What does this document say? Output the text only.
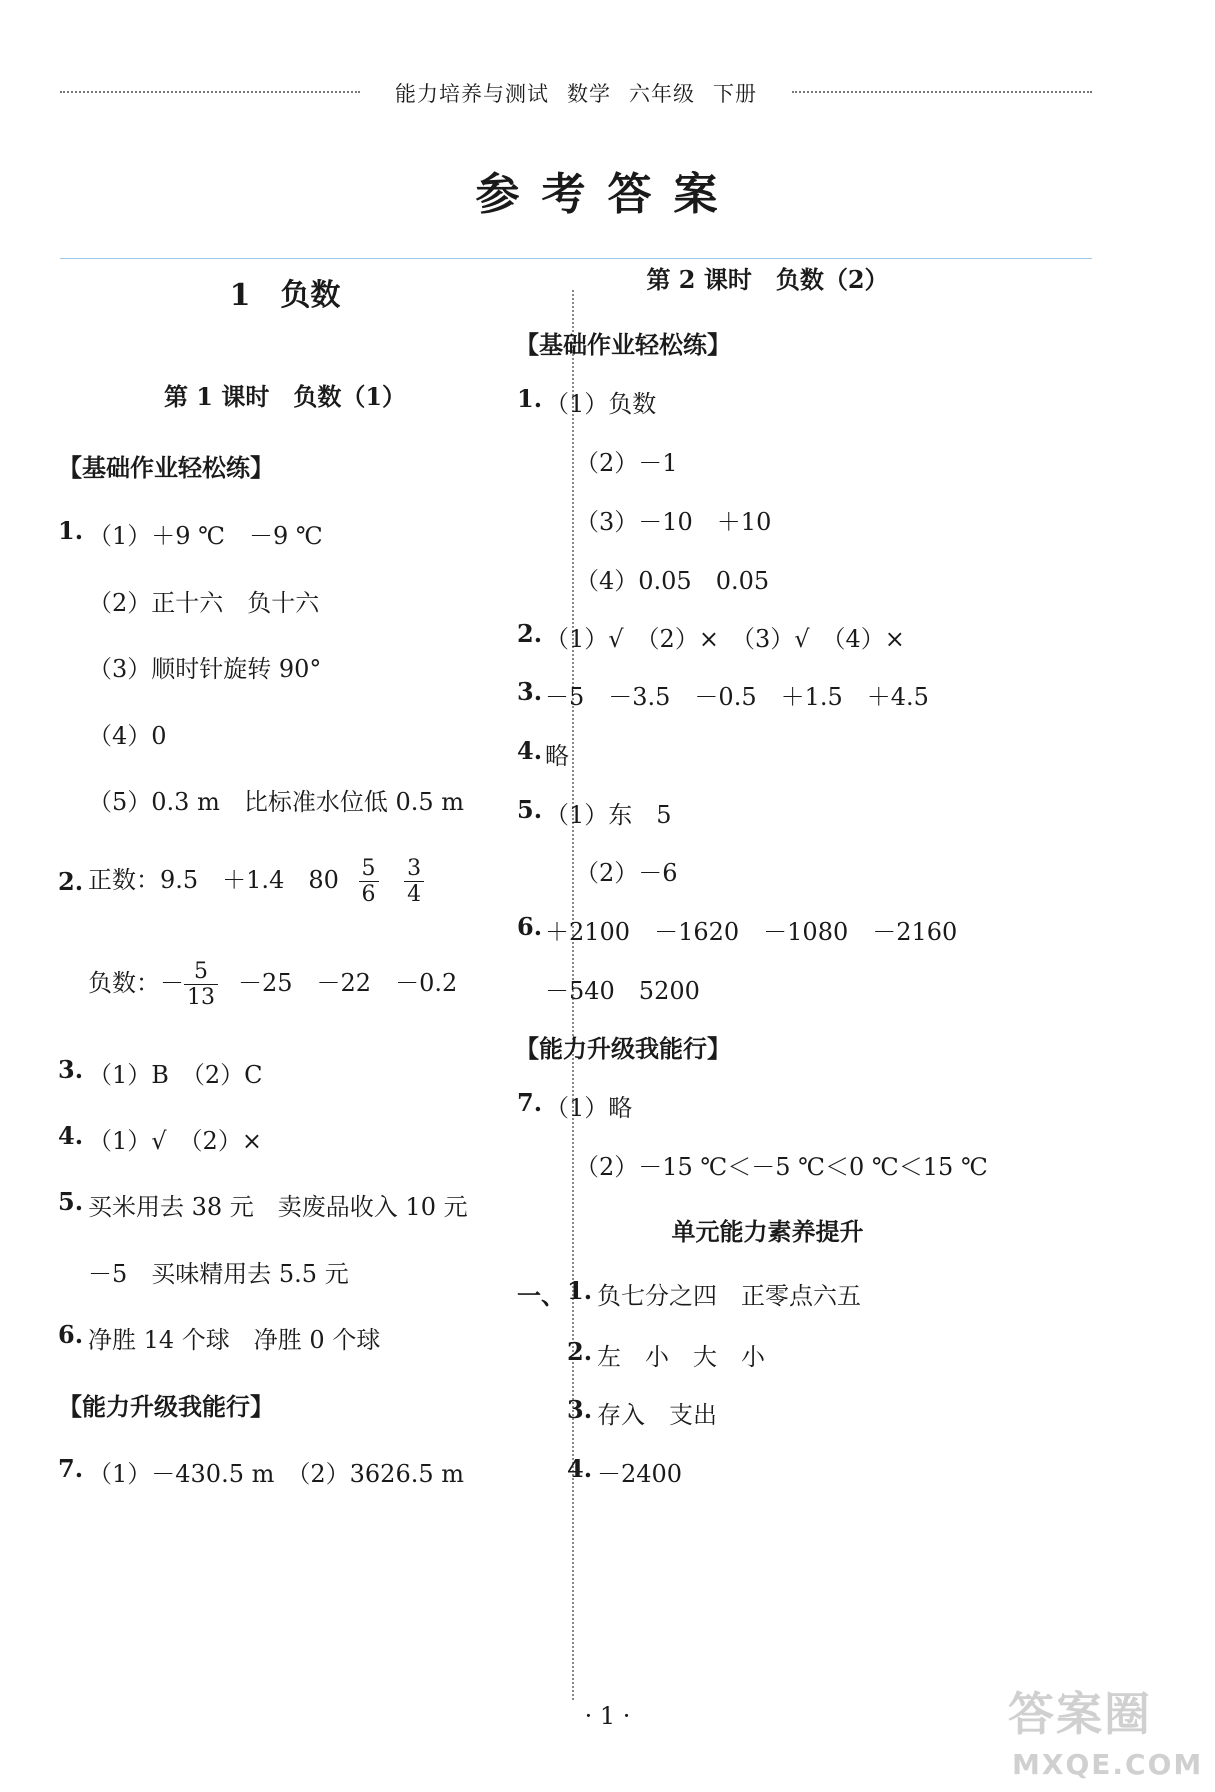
能力培养与测试 数学 六年级 下册
参考答案
1　负数
第 1 课时　负数（1）
【基础作业轻松练】
1. （1）＋9 ℃　－9 ℃
（2）正十六　负十六
（3）顺时针旋转 90°
（4）0
（5）0.3 m　比标准水位低 0.5 m
2. 正数：9.5　＋1.4　$80 \frac{5}{6}$
$\frac{3}{4}$
负数：－ $\frac{5}{13} -25$　－22　－0.2
3. （1）B　（2）C
4. （1）√　（2）×
5. 买米用去 38 元　卖废品收入 10 元
－5　买味精用去 5.5 元
6. 净胜 14 个球　净胜 0 个球
【能力升级我能行】
7. （1）－430.5 m　（2）3626.5 m
第 2 课时　负数（2）
【基础作业轻松练】
1. （1）负数
（2）－1
（3）－10　＋10
（4）0.05　0.05
2. （1）√　（2）×　（3）√　（4）×
3. －5　－3.5　－0.5　＋1.5　＋4.5
4. 略
5. （1）东　5
（2）－6
6. ＋2100　－1620　－1080　－2160
－540　5200
【能力升级我能行】
7. （1）略
（2）－15 ℃＜－5 ℃＜0 ℃＜15 ℃
单元能力素养提升
一、 1. 负七分之四　正零点六五
2. 左　小　大　小
3. 存入　支出
4. －2400
· 1 ·	答案圈
MXQE.COM
